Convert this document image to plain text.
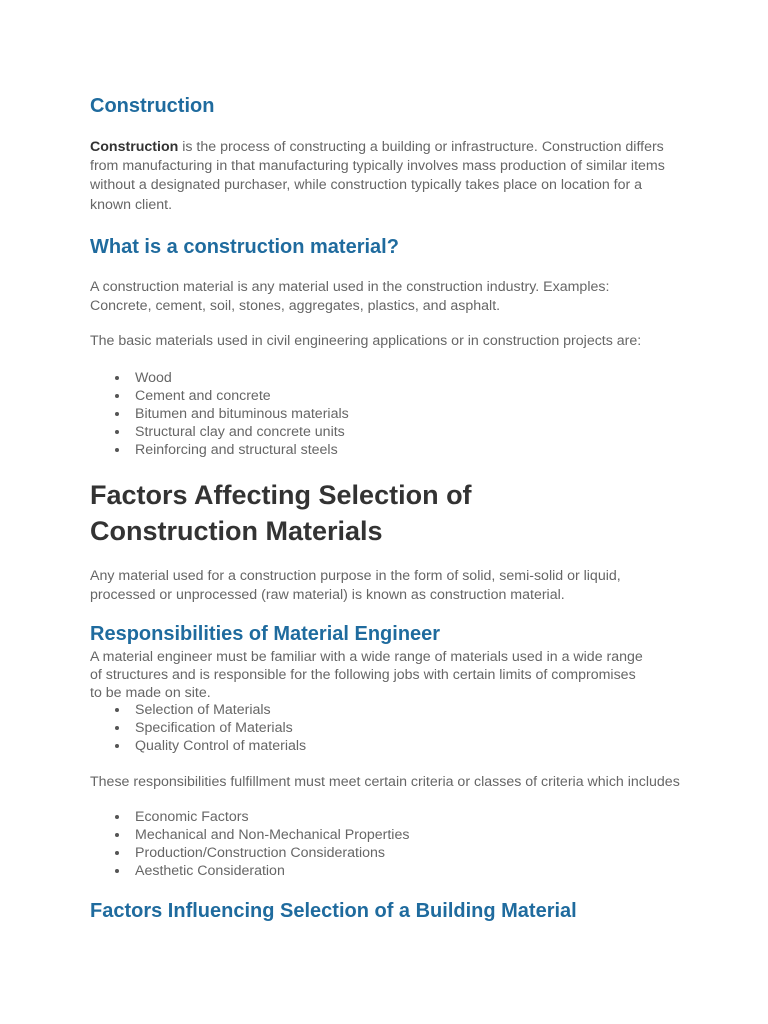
Construction

Construction is the process of constructing a building or infrastructure. Construction differs from manufacturing in that manufacturing typically involves mass production of similar items without a designated purchaser, while construction typically takes place on location for a known client.

What is a construction material?

A construction material is any material used in the construction industry. Examples: Concrete, cement, soil, stones, aggregates, plastics, and asphalt.

The basic materials used in civil engineering applications or in construction projects are:

Wood
Cement and concrete
Bitumen and bituminous materials
Structural clay and concrete units
Reinforcing and structural steels
Factors Affecting Selection of Construction Materials

Any material used for a construction purpose in the form of solid, semi-solid or liquid, processed or unprocessed (raw material) is known as construction material.

Responsibilities of Material Engineer

A material engineer must be familiar with a wide range of materials used in a wide range of structures and is responsible for the following jobs with certain limits of compromises to be made on site.

Selection of Materials
Specification of Materials
Quality Control of materials

These responsibilities fulfillment must meet certain criteria or classes of criteria which includes

Economic Factors
Mechanical and Non-Mechanical Properties
Production/Construction Considerations
Aesthetic Consideration
Factors Influencing Selection of a Building Material
